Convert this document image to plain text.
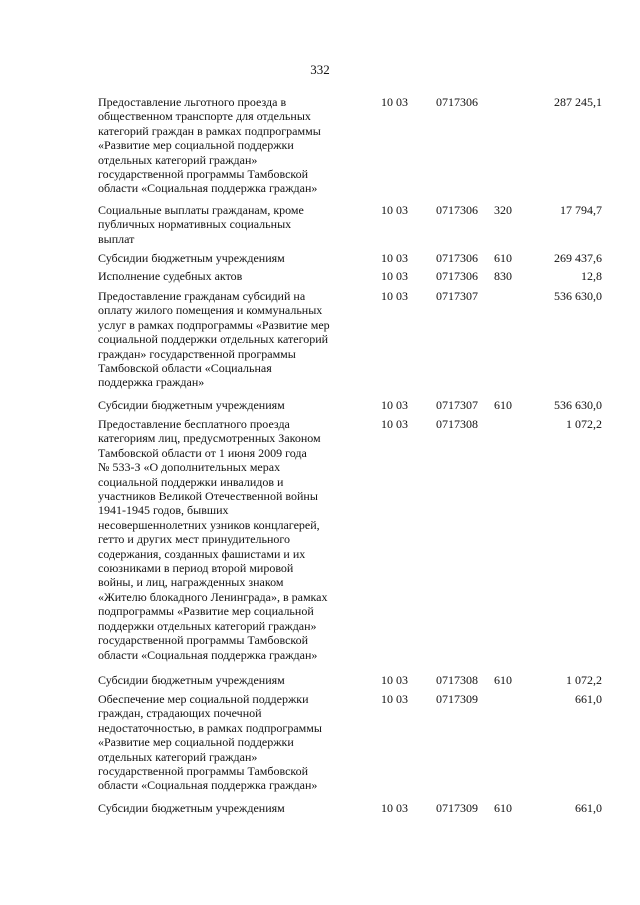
332
Предоставление льготного проезда в
общественном транспорте для отдельных
категорий граждан в рамках подпрограммы
«Развитие мер социальной поддержки
отдельных категорий граждан»
государственной программы Тамбовской
области «Социальная поддержка граждан»
10 03 0717306	287 245,1
Социальные выплаты гражданам, кроме
публичных нормативных социальных
выплат
10 03 0717306 320	17 794,7
Субсидии бюджетным учреждениям	10 03 0717306 610	269 437,6
Исполнение судебных актов	10 03 0717306 830	12,8
Предоставление гражданам субсидий на
оплату жилого помещения и коммунальных
услуг в рамках подпрограммы «Развитие мер
социальной поддержки отдельных категорий
граждан» государственной программы
Тамбовской области «Социальная
поддержка граждан»
10 03 0717307	536 630,0
Субсидии бюджетным учреждениям	10 03 0717307 610	536 630,0
Предоставление бесплатного проезда
категориям лиц, предусмотренных Законом
Тамбовской области от 1 июня 2009 года
№ 533-З «О дополнительных мерах
социальной поддержки инвалидов и
участников Великой Отечественной войны
1941-1945 годов, бывших
несовершеннолетних узников концлагерей,
гетто и других мест принудительного
содержания, созданных фашистами и их
союзниками в период второй мировой
войны, и лиц, награжденных знаком
«Жителю блокадного Ленинграда», в рамках
подпрограммы «Развитие мер социальной
поддержки отдельных категорий граждан»
государственной программы Тамбовской
области «Социальная поддержка граждан»
10 03 0717308	1 072,2
Субсидии бюджетным учреждениям	10 03 0717308 610	1 072,2
Обеспечение мер социальной поддержки
граждан, страдающих почечной
недостаточностью, в рамках подпрограммы
«Развитие мер социальной поддержки
отдельных категорий граждан»
государственной программы Тамбовской
области «Социальная поддержка граждан»
10 03 0717309	661,0
Субсидии бюджетным учреждениям	10 03 0717309 610	661,0
